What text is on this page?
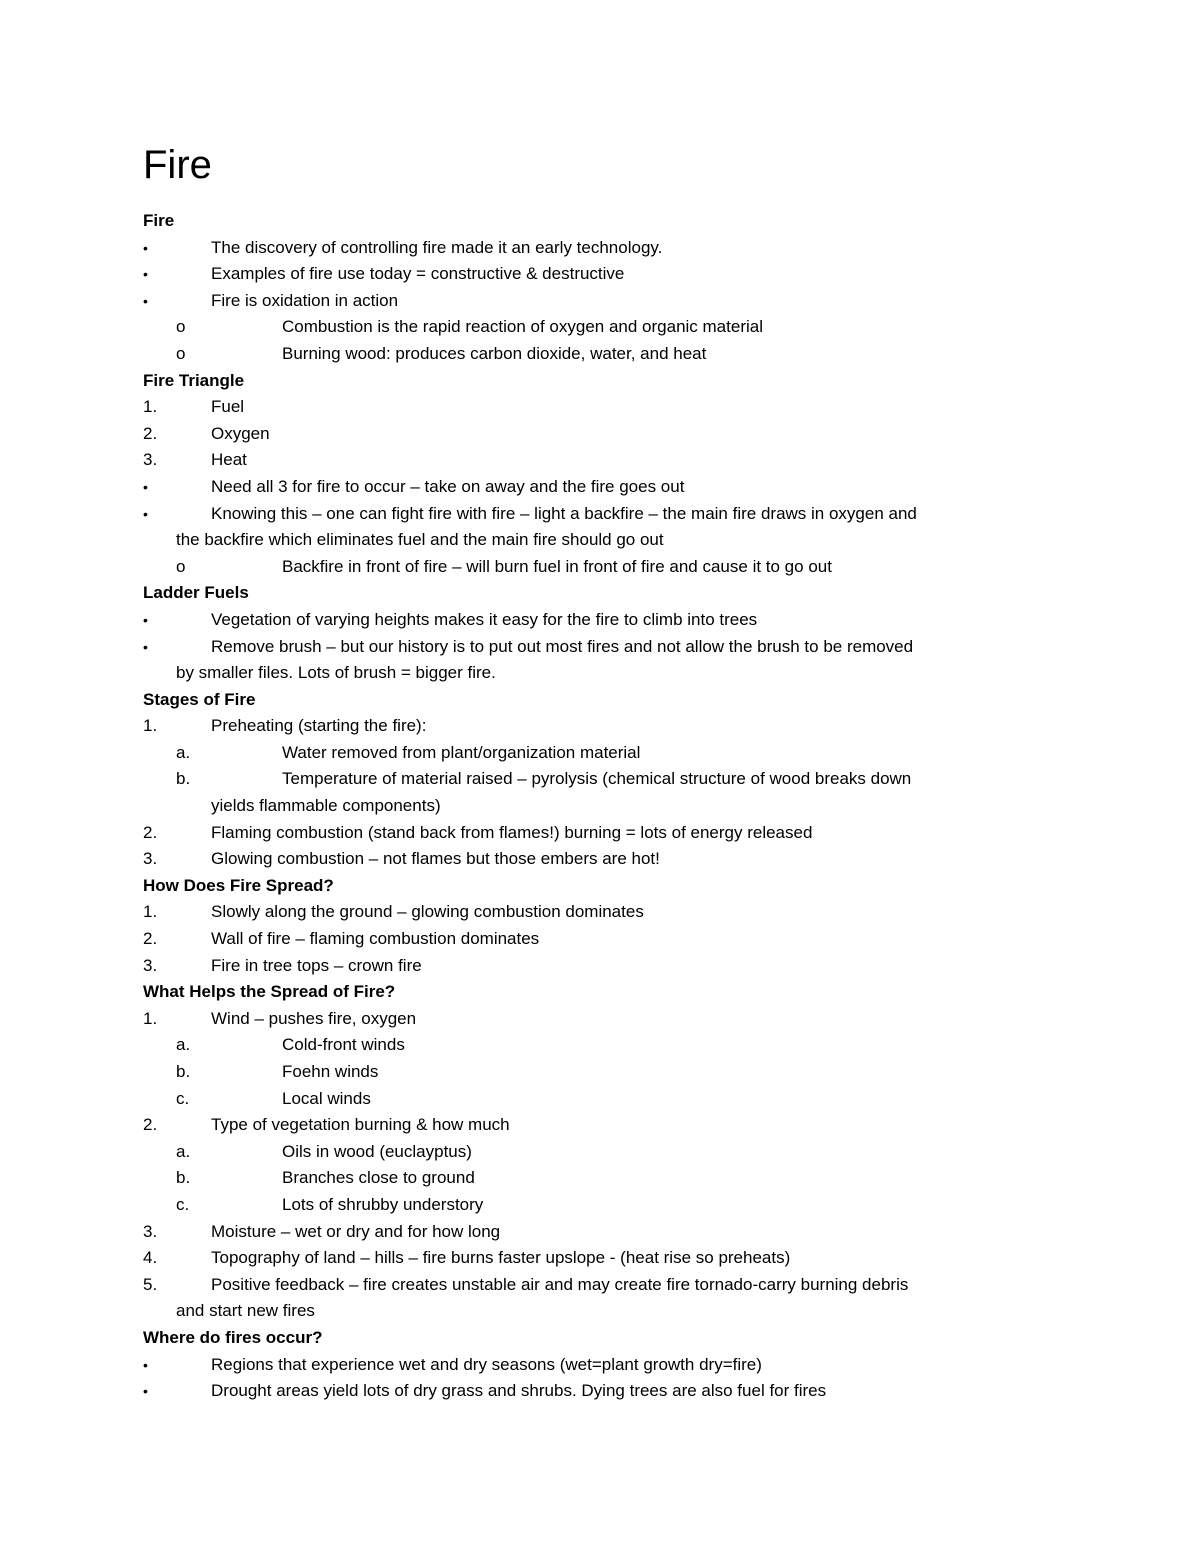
Fire
Fire
•	The discovery of controlling fire made it an early technology.
•	Examples of fire use today = constructive & destructive
•	Fire is oxidation in action
o	Combustion is the rapid reaction of oxygen and organic material
o	Burning wood: produces carbon dioxide, water, and heat
Fire Triangle
1.	Fuel
2.	Oxygen
3.	Heat
•	Need all 3 for fire to occur – take on away and the fire goes out
•	Knowing this – one can fight fire with fire – light a backfire – the main fire draws in oxygen and
the backfire which eliminates fuel and the main fire should go out
o	Backfire in front of fire – will burn fuel in front of fire and cause it to go out
Ladder Fuels
•	Vegetation of varying heights makes it easy for the fire to climb into trees
•	Remove brush – but our history is to put out most fires and not allow the brush to be removed
by smaller files. Lots of brush = bigger fire.
Stages of Fire
1.	Preheating (starting the fire):
a.	Water removed from plant/organization material
b.	Temperature of material raised – pyrolysis (chemical structure of wood breaks down
yields flammable components)
2.	Flaming combustion (stand back from flames!) burning = lots of energy released
3.	Glowing combustion – not flames but those embers are hot!
How Does Fire Spread?
1.	Slowly along the ground – glowing combustion dominates
2.	Wall of fire – flaming combustion dominates
3.	Fire in tree tops – crown fire
What Helps the Spread of Fire?
1.	Wind – pushes fire, oxygen
a.	Cold-front winds
b.	Foehn winds
c.	Local winds
2.	Type of vegetation burning & how much
a.	Oils in wood (euclayptus)
b.	Branches close to ground
c.	Lots of shrubby understory
3.	Moisture – wet or dry and for how long
4.	Topography of land – hills – fire burns faster upslope - (heat rise so preheats)
5.	Positive feedback – fire creates unstable air and may create fire tornado-carry burning debris
and start new fires
Where do fires occur?
•	Regions that experience wet and dry seasons (wet=plant growth dry=fire)
•	Drought areas yield lots of dry grass and shrubs. Dying trees are also fuel for fires
